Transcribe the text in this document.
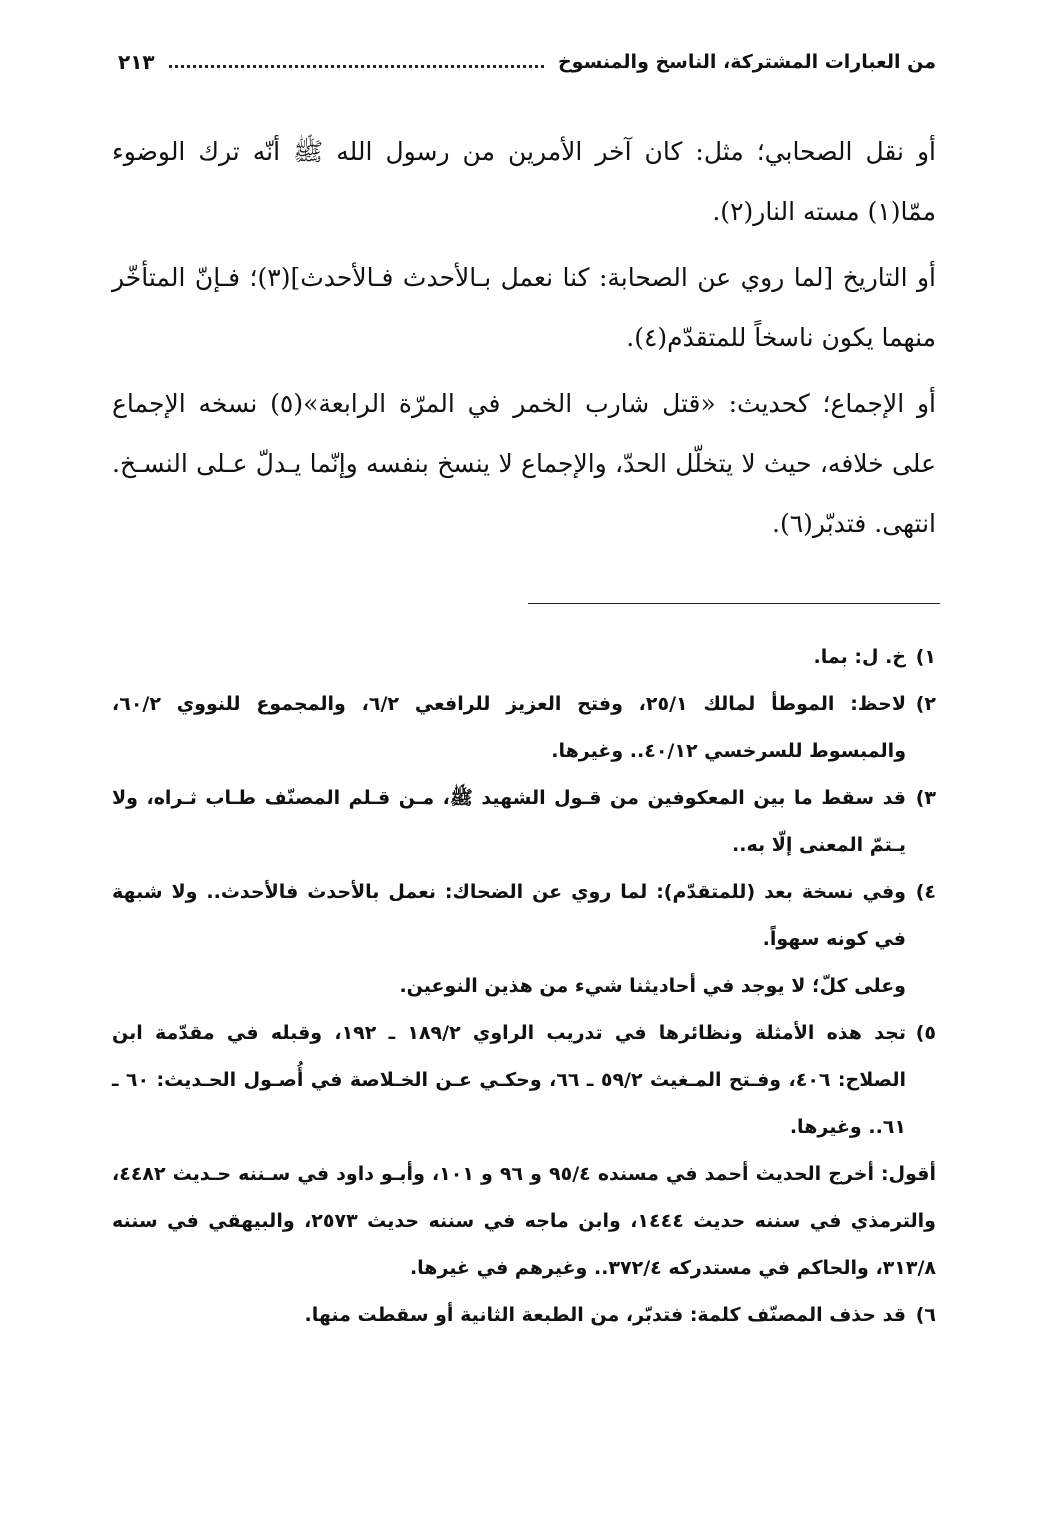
من العبارات المشتركة، الناسخ والمنسوخ
٢١٣

أو نقل الصحابي؛ مثل: كان آخر الأمرين من رسول الله ﷺ أنّه ترك الوضوء ممّا(١) مسته النار(٢).

أو التاريخ [لما روي عن الصحابة: كنا نعمل بـالأحدث فـالأحدث](٣)؛ فـإنّ المتأخّر منهما يكون ناسخاً للمتقدّم(٤).

أو الإجماع؛ كحديث: «قتل شارب الخمر في المرّة الرابعة»(٥) نسخه الإجماع على خلافه، حيث لا يتخلّل الحدّ، والإجماع لا ينسخ بنفسه وإنّما يـدلّ عـلى النسـخ. انتهى. فتدبّر(٦).

١)
خ. ل: بما.
٢)
لاحظ: الموطأ لمالك ٢٥/١، وفتح العزيز للرافعي ٦/٢، والمجموع للنووي ٦٠/٢، والمبسوط للسرخسي ٤٠/١٢.. وغيرها.
٣)
قد سقط ما بين المعكوفين من قـول الشهيد ﷺ، مـن قـلم المصنّف طـاب ثـراه، ولا يـتمّ المعنى إلّا به..
٤)
وفي نسخة بعد (للمتقدّم): لما روي عن الضحاك: نعمل بالأحدث فالأحدث.. ولا شبهة في كونه سهواً.
وعلى كلّ؛ لا يوجد في أحاديثنا شيء من هذين النوعين.
٥)
تجد هذه الأمثلة ونظائرها في تدريب الراوي ١٨٩/٢ ـ ١٩٢، وقبله في مقدّمة ابن الصلاح: ٤٠٦، وفـتح المـغيث ٥٩/٢ ـ ٦٦، وحكـي عـن الخـلاصة في أُصـول الحـديث: ٦٠ ـ ٦١.. وغيرها.
أقول: أخرج الحديث أحمد في مسنده ٩٥/٤ و ٩٦ و ١٠١، وأبـو داود في سـننه حـديث ٤٤٨٢، والترمذي في سننه حديث ١٤٤٤، وابن ماجه في سننه حديث ٢٥٧٣، والبيهقي في سننه ٣١٣/٨، والحاكم في مستدركه ٣٧٢/٤.. وغيرهم في غيرها.
٦)
قد حذف المصنّف كلمة: فتدبّر، من الطبعة الثانية أو سقطت منها.
